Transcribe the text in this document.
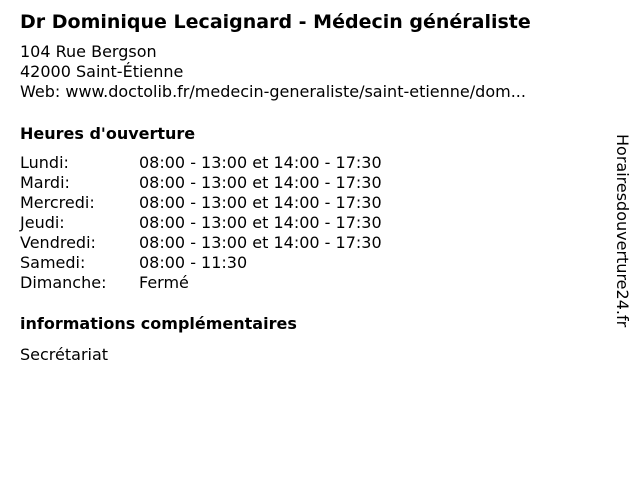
Dr Dominique Lecaignard - Médecin généraliste
104 Rue Bergson
42000 Saint-Étienne
Web: www.doctolib.fr/medecin-generaliste/saint-etienne/dom...
Heures d'ouverture
Lundi:	08:00 - 13:00 et 14:00 - 17:30
Mardi:	08:00 - 13:00 et 14:00 - 17:30
Mercredi:	08:00 - 13:00 et 14:00 - 17:30
Jeudi:	08:00 - 13:00 et 14:00 - 17:30
Vendredi:	08:00 - 13:00 et 14:00 - 17:30
Samedi:	08:00 - 11:30
Dimanche: Fermé
informations complémentaires
Secrétariat
Horairesdouverture24.fr
